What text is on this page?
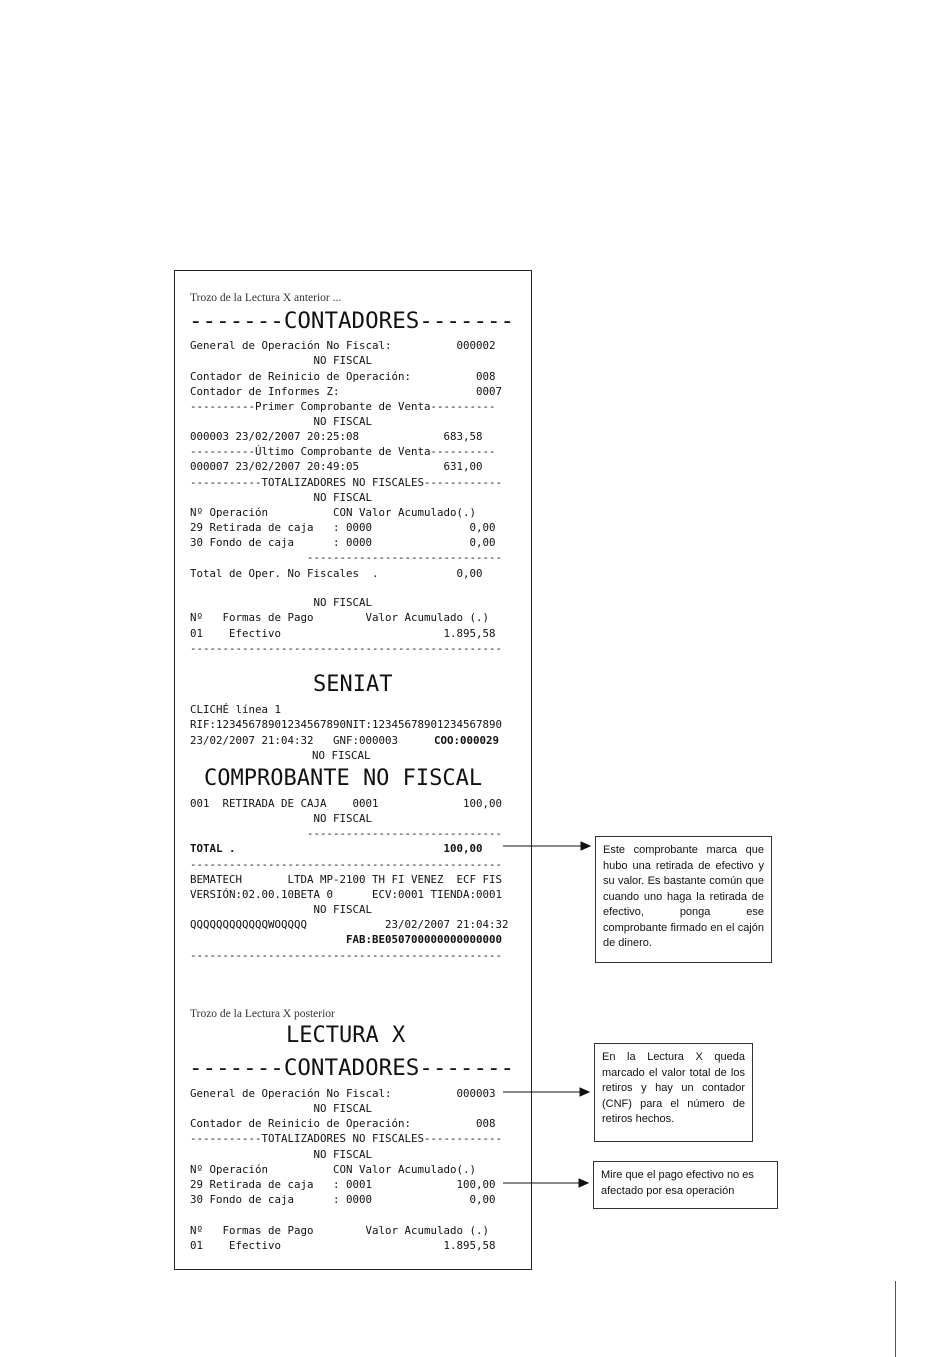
Trozo de la Lectura X anterior ...
-------CONTADORES-------
General de Operación No Fiscal:          000002
NO FISCAL
Contador de Reinicio de Operación:          008
Contador de Informes Z:                     0007
----------Primer Comprobante de Venta----------
NO FISCAL
000003 23/02/2007 20:25:08             683,58
----------Último Comprobante de Venta----------
000007 23/02/2007 20:49:05             631,00
-----------TOTALIZADORES NO FISCALES------------
NO FISCAL
Nº Operación          CON Valor Acumulado(.)
29 Retirada de caja   : 0000               0,00
30 Fondo de caja      : 0000               0,00
------------------------------
Total de Oper. No Fiscales  .            0,00
NO FISCAL
Nº   Formas de Pago        Valor Acumulado (.)
01    Efectivo                         1.895,58
------------------------------------------------
SENIAT
CLICHÉ línea 1
RIF:12345678901234567890NIT:12345678901234567890
23/02/2007 21:04:32   GNF:000003 COO:000029
NO FISCAL
COMPROBANTE NO FISCAL
001  RETIRADA DE CAJA    0001             100,00
NO FISCAL
------------------------------
TOTAL .                                100,00
------------------------------------------------
BEMATECH       LTDA MP-2100 TH FI VENEZ  ECF FIS
VERSIÓN:02.00.10BETA 0      ECV:0001 TIENDA:0001
NO FISCAL
QQQQQQQQQQQQWOQQQQ            23/02/2007 21:04:32
FAB:BE050700000000000000
------------------------------------------------
Trozo de la Lectura X posterior
LECTURA X
-------CONTADORES-------
General de Operación No Fiscal:          000003
NO FISCAL
Contador de Reinicio de Operación:          008
-----------TOTALIZADORES NO FISCALES------------
NO FISCAL
Nº Operación          CON Valor Acumulado(.)
29 Retirada de caja   : 0001             100,00
30 Fondo de caja      : 0000               0,00
Nº   Formas de Pago        Valor Acumulado (.)
01    Efectivo                         1.895,58
Este comprobante marca que hubo una retirada de efectivo y su valor. Es bastante común que cuando uno haga la retirada de efectivo, ponga ese comprobante firmado en el cajón de dinero.
En la Lectura X queda marcado el valor total de los retiros y hay un contador (CNF) para el número de retiros hechos.
Mire que el pago efectivo no es afectado por esa operación
